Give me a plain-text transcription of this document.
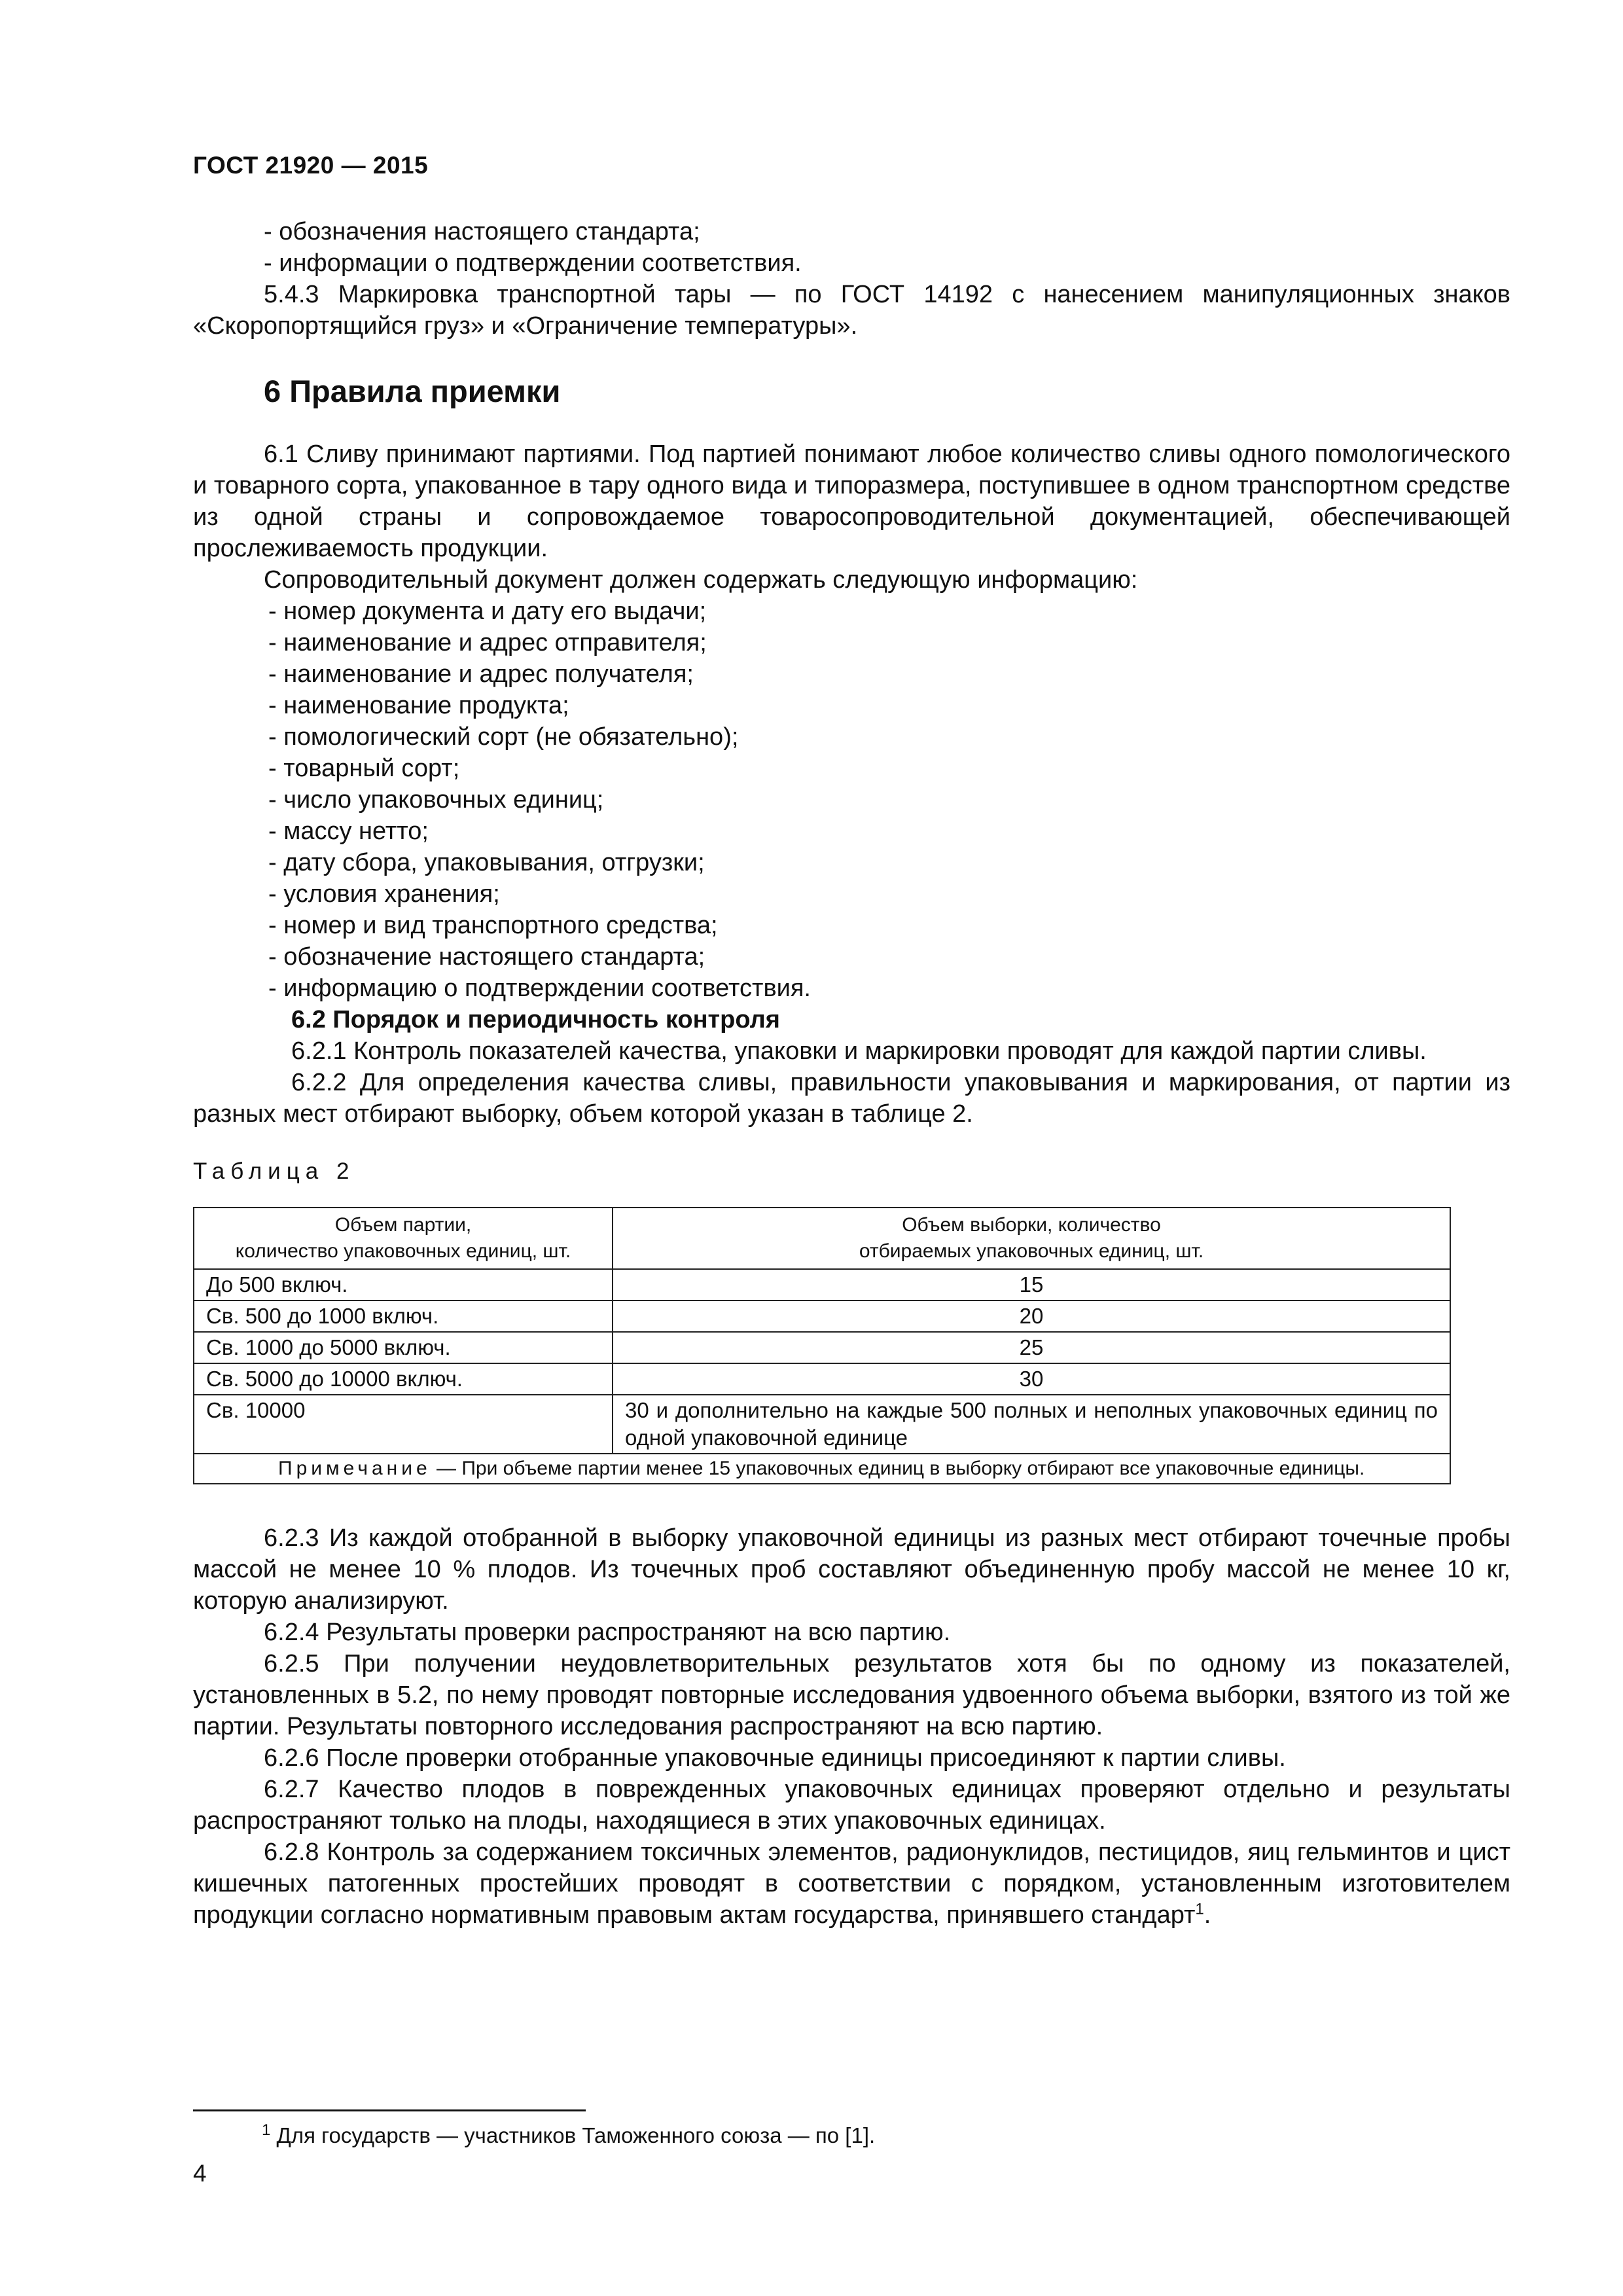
ГОСТ 21920 — 2015

- обозначения настоящего стандарта;

- информации о подтверждении соответствия.

5.4.3 Маркировка транспортной тары — по ГОСТ 14192 с нанесением манипуляционных знаков «Скоропортящийся груз» и «Ограничение температуры».

6 Правила приемки

6.1 Сливу принимают партиями. Под партией понимают любое количество сливы одного помологического и товарного сорта, упакованное в тару одного вида и типоразмера, поступившее в одном транспортном средстве из одной страны и сопровождаемое товаросопроводительной документацией, обеспечивающей прослеживаемость продукции.

Сопроводительный документ должен содержать следующую информацию:

- номер документа и дату его выдачи;

- наименование и адрес отправителя;

- наименование и адрес получателя;

- наименование продукта;

- помологический сорт (не обязательно);

- товарный сорт;

- число упаковочных единиц;

- массу нетто;

- дату сбора, упаковывания, отгрузки;

- условия хранения;

- номер и вид транспортного средства;

- обозначение настоящего стандарта;

- информацию о подтверждении соответствия.

6.2 Порядок и периодичность контроля

6.2.1 Контроль показателей качества, упаковки и маркировки проводят для каждой партии сливы.

6.2.2 Для определения качества сливы, правильности упаковывания и маркирования, от партии из разных мест отбирают выборку, объем которой указан в таблице 2.

Таблица 2
Объем партии,
количество упаковочных единиц, шт.	Объем выборки, количество
отбираемых упаковочных единиц, шт.
До 500 включ.	15
Св. 500 до 1000 включ.	20
Св. 1000 до 5000 включ.	25
Св. 5000 до 10000 включ.	30
Св. 10000	30 и дополнительно на каждые 500 полных и неполных упаковочных единиц по одной упаковочной единице
Примечание — При объеме партии менее 15 упаковочных единиц в выборку отбирают все упаковочные единицы.	

6.2.3 Из каждой отобранной в выборку упаковочной единицы из разных мест отбирают точечные пробы массой не менее 10 % плодов. Из точечных проб составляют объединенную пробу массой не менее 10 кг, которую анализируют.

6.2.4 Результаты проверки распространяют на всю партию.

6.2.5 При получении неудовлетворительных результатов хотя бы по одному из показателей, установленных в 5.2, по нему проводят повторные исследования удвоенного объема выборки, взятого из той же партии. Результаты повторного исследования распространяют на всю партию.

6.2.6 После проверки отобранные упаковочные единицы присоединяют к партии сливы.

6.2.7 Качество плодов в поврежденных упаковочных единицах проверяют отдельно и результаты распространяют только на плоды, находящиеся в этих упаковочных единицах.

6.2.8 Контроль за содержанием токсичных элементов, радионуклидов, пестицидов, яиц гельминтов и цист кишечных патогенных простейших проводят в соответствии с порядком, установленным изготовителем продукции согласно нормативным правовым актам государства, принявшего стандарт$^1$.

$^1$ Для государств — участников Таможенного союза — по [1].
4
